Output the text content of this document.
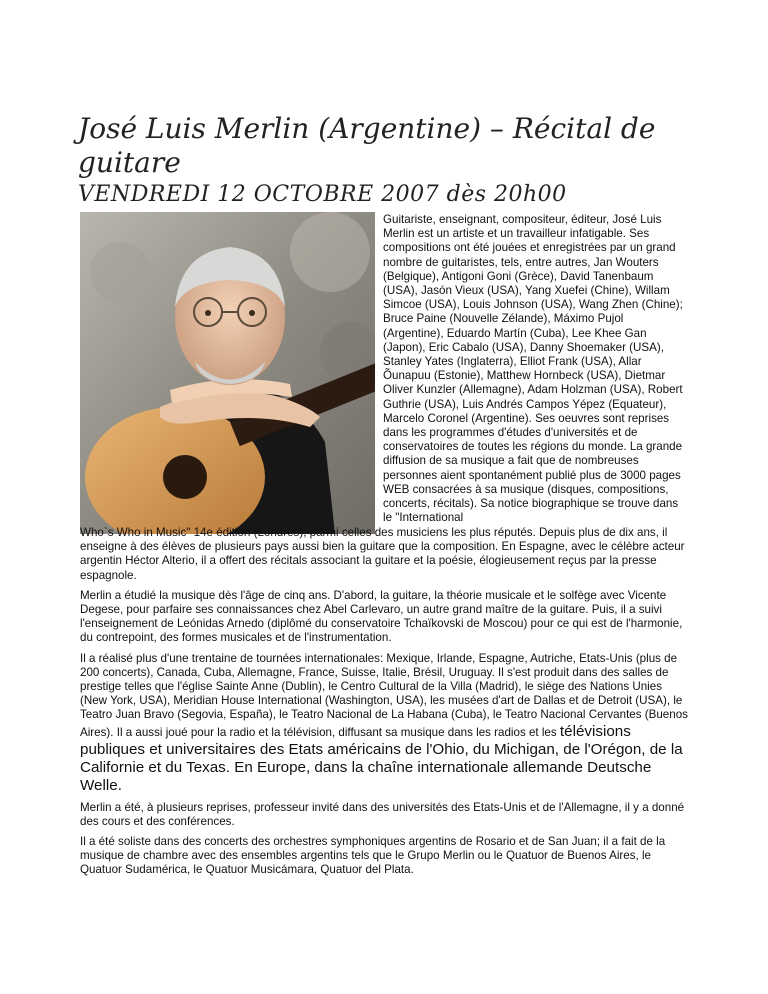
José Luis Merlin (Argentine) – Récital de guitare
VENDREDI 12 OCTOBRE 2007 dès 20h00

Guitariste, enseignant, compositeur, éditeur, José Luis Merlin est un artiste et un travailleur infatigable. Ses compositions ont été jouées et enregistrées par un grand nombre de guitaristes, tels, entre autres, Jan Wouters (Belgique), Antigoni Goni (Grèce), David Tanenbaum (USA), Jasón Vieux (USA), Yang Xuefei (Chine), Willam Simcoe (USA), Louis Johnson (USA), Wang Zhen (Chine); Bruce Paine (Nouvelle Zélande), Máximo Pujol (Argentine), Eduardo Martín (Cuba), Lee Khee Gan (Japon), Eric Cabalo (USA), Danny Shoemaker (USA), Stanley Yates (Inglaterra), Elliot Frank (USA), Allar Õunapuu (Estonie), Matthew Hornbeck (USA), Dietmar Oliver Kunzler (Allemagne), Adam Holzman (USA), Robert Guthrie (USA), Luis Andrés Campos Yépez (Equateur), Marcelo Coronel (Argentine). Ses oeuvres sont reprises dans les programmes d'études d'universités et de conservatoires de toutes les régions du monde. La grande diffusion de sa musique a fait que de nombreuses personnes aient spontanément publié plus de 3000 pages WEB consacrées à sa musique (disques, compositions, concerts, récitals). Sa notice biographique se trouve dans le "International

Who`s Who in Music" 14e édition (Londres), parmi celles des musiciens les plus réputés. Depuis plus de dix ans, il enseigne à des élèves de plusieurs pays aussi bien la guitare que la composition. En Espagne, avec le célèbre acteur argentin Héctor Alterio, il a offert des récitals associant la guitare et la poésie, élogieusement reçus par la presse espagnole.

Merlin a étudié la musique dès l'âge de cinq ans. D'abord, la guitare, la théorie musicale et le solfège avec Vicente Degese, pour parfaire ses connaissances chez Abel Carlevaro, un autre grand maître de la guitare. Puis, il a suivi l'enseignement de Leónidas Arnedo (diplômé du conservatoire Tchaïkovski de Moscou) pour ce qui est de l'harmonie, du contrepoint, des formes musicales et de l'instrumentation.

Il a réalisé plus d'une trentaine de tournées internationales: Mexique, Irlande, Espagne, Autriche, Etats-Unis (plus de 200 concerts), Canada, Cuba, Allemagne, France, Suisse, Italie, Brésil, Uruguay. Il s'est produit dans des salles de prestige telles que l'église Sainte Anne (Dublin), le Centro Cultural de la Villa (Madrid), le siège des Nations Unies (New York, USA), Meridian House International (Washington, USA), les musées d'art de Dallas et de Detroit (USA), le Teatro Juan Bravo (Segovia, España), le Teatro Nacional de La Habana (Cuba), le Teatro Nacional Cervantes (Buenos Aires). Il a aussi joué pour la radio et la télévision, diffusant sa musique dans les radios et les télévisions publiques et universitaires des Etats américains de l'Ohio, du Michigan, de l'Orégon, de la Californie et du Texas. En Europe, dans la chaîne internationale allemande Deutsche Welle.

Merlin a été, à plusieurs reprises, professeur invité dans des universités des Etats-Unis et de l'Allemagne, il y a donné des cours et des conférences.

Il a été soliste dans des concerts des orchestres symphoniques argentins de Rosario et de San Juan; il a fait de la musique de chambre avec des ensembles argentins tels que le Grupo Merlin ou le Quatuor de Buenos Aires, le Quatuor Sudamérica, le Quatuor Musicámara, Quatuor del Plata.
